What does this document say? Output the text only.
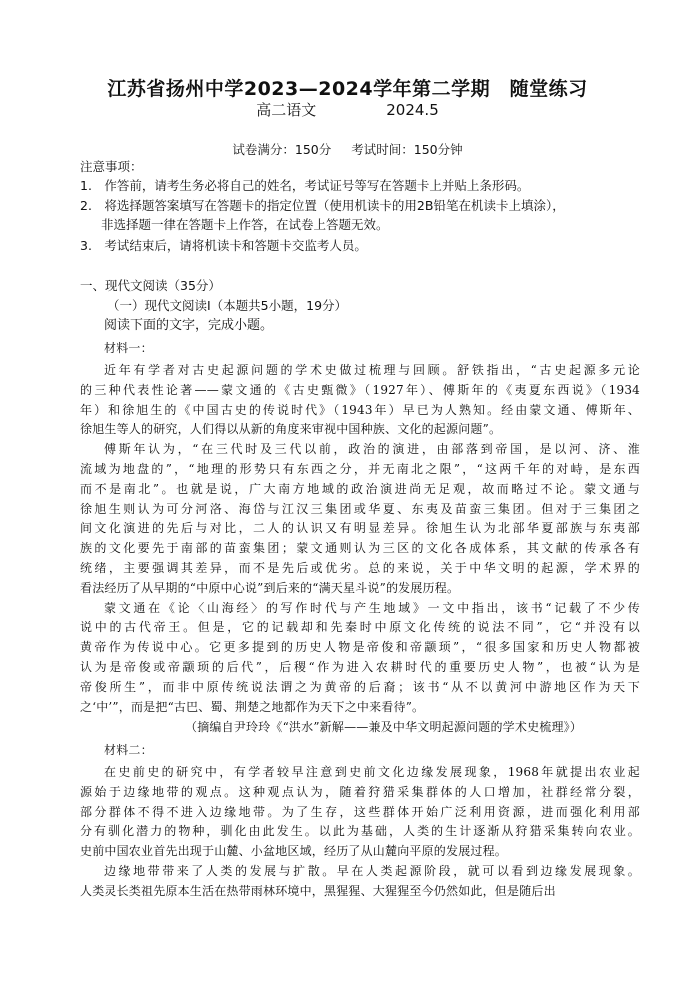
江苏省扬州中学2023—2024学年第二学期　随堂练习
高二语文	2024.5
试卷满分：150分 考试时间：150分钟
注意事项：
1.　作答前，请考生务必将自己的姓名，考试证号等写在答题卡上并贴上条形码。
2.　将选择题答案填写在答题卡的指定位置（使用机读卡的用2B铅笔在机读卡上填涂），
非选择题一律在答题卡上作答，在试卷上答题无效。
3.　考试结束后，请将机读卡和答题卡交监考人员。
一、现代文阅读（35分）
（一）现代文阅读Ⅰ（本题共5小题，19分）
阅读下面的文字，完成小题。
材料一：
近年有学者对古史起源问题的学术史做过梳理与回顾。舒铁指出，“古史起源多元论
的三种代表性论著——蒙文通的《古史甄微》（1927年）、傅斯年的《夷夏东西说》（1934
年）和徐旭生的《中国古史的传说时代》（1943年）早已为人熟知。经由蒙文通、傅斯年、
徐旭生等人的研究，人们得以从新的角度来审视中国种族、文化的起源问题”。
傅斯年认为，“在三代时及三代以前，政治的演进，由部落到帝国，是以河、济、淮
流域为地盘的”，“地理的形势只有东西之分，并无南北之限”，“这两千年的对峙，是东西
而不是南北”。也就是说，广大南方地域的政治演进尚无足观，故而略过不论。蒙文通与
徐旭生则认为可分河洛、海岱与江汉三集团或华夏、东夷及苗蛮三集团。但对于三集团之
间文化演进的先后与对比，二人的认识又有明显差异。徐旭生认为北部华夏部族与东夷部
族的文化要先于南部的苗蛮集团；蒙文通则认为三区的文化各成体系，其文献的传承各有
统绪，主要强调其差异，而不是先后或优劣。总的来说，关于中华文明的起源，学术界的
看法经历了从早期的“中原中心说”到后来的“满天星斗说”的发展历程。
蒙文通在《论〈山海经〉的写作时代与产生地域》一文中指出，该书“记载了不少传
说中的古代帝王。但是，它的记载却和先秦时中原文化传统的说法不同”，它“并没有以
黄帝作为传说中心。它更多提到的历史人物是帝俊和帝颛顼”，“很多国家和历史人物都被
认为是帝俊或帝颛顼的后代”，后稷“作为进入农耕时代的重要历史人物”，也被“认为是
帝俊所生”，而非中原传统说法谓之为黄帝的后裔；该书“从不以黄河中游地区作为天下
之‘中’”，而是把“古巴、蜀、荆楚之地都作为天下之中来看待”。
（摘编自尹玲玲《“洪水”新解——兼及中华文明起源问题的学术史梳理》）
材料二：
在史前史的研究中，有学者较早注意到史前文化边缘发展现象，1968年就提出农业起
源始于边缘地带的观点。这种观点认为，随着狩猎采集群体的人口增加，社群经常分裂，
部分群体不得不进入边缘地带。为了生存，这些群体开始广泛利用资源，进而强化利用部
分有驯化潜力的物种，驯化由此发生。以此为基础，人类的生计逐渐从狩猎采集转向农业。
史前中国农业首先出现于山麓、小盆地区域，经历了从山麓向平原的发展过程。
边缘地带带来了人类的发展与扩散。早在人类起源阶段，就可以看到边缘发展现象。
人类灵长类祖先原本生活在热带雨林环境中，黑猩猩、大猩猩至今仍然如此，但是随后出
